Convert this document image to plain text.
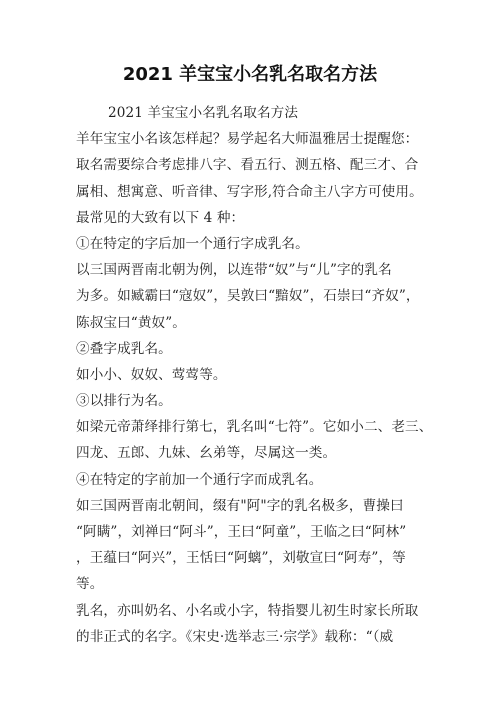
2021 羊宝宝小名乳名取名方法
2021 羊宝宝小名乳名取名方法
羊年宝宝小名该怎样起？易学起名大师温雅居士提醒您：
取名需要综合考虑排八字、看五行、测五格、配三才、合
属相、想寓意、听音律、写字形,符合命主八字方可使用。
最常见的大致有以下 4 种：
①在特定的字后加一个通行字成乳名。
以三国两晋南北朝为例，以连带“奴”与“儿”字的乳名
为多。如臧霸曰“寇奴”，吴敦曰“黯奴”，石崇曰“齐奴”，
陈叔宝曰“黄奴”。
②叠字成乳名。
如小小、奴奴、莺莺等。
③以排行为名。
如梁元帝萧绎排行第七，乳名叫“七符”。它如小二、老三、
四龙、五郎、九妹、幺弟等，尽属这一类。
④在特定的字前加一个通行字而成乳名。
如三国两晋南北朝间，缀有"阿"字的乳名极多，曹操曰
“阿瞒”，刘禅曰“阿斗”，王曰“阿童”，王临之曰“阿林”
，王蕴曰“阿兴”，王恬曰“阿螭”，刘敬宣曰“阿寿”，等
等。
乳名，亦叫奶名、小名或小字，特指婴儿初生时家长所取
的非正式的名字。《宋史·选举志三·宗学》载称：“（威
